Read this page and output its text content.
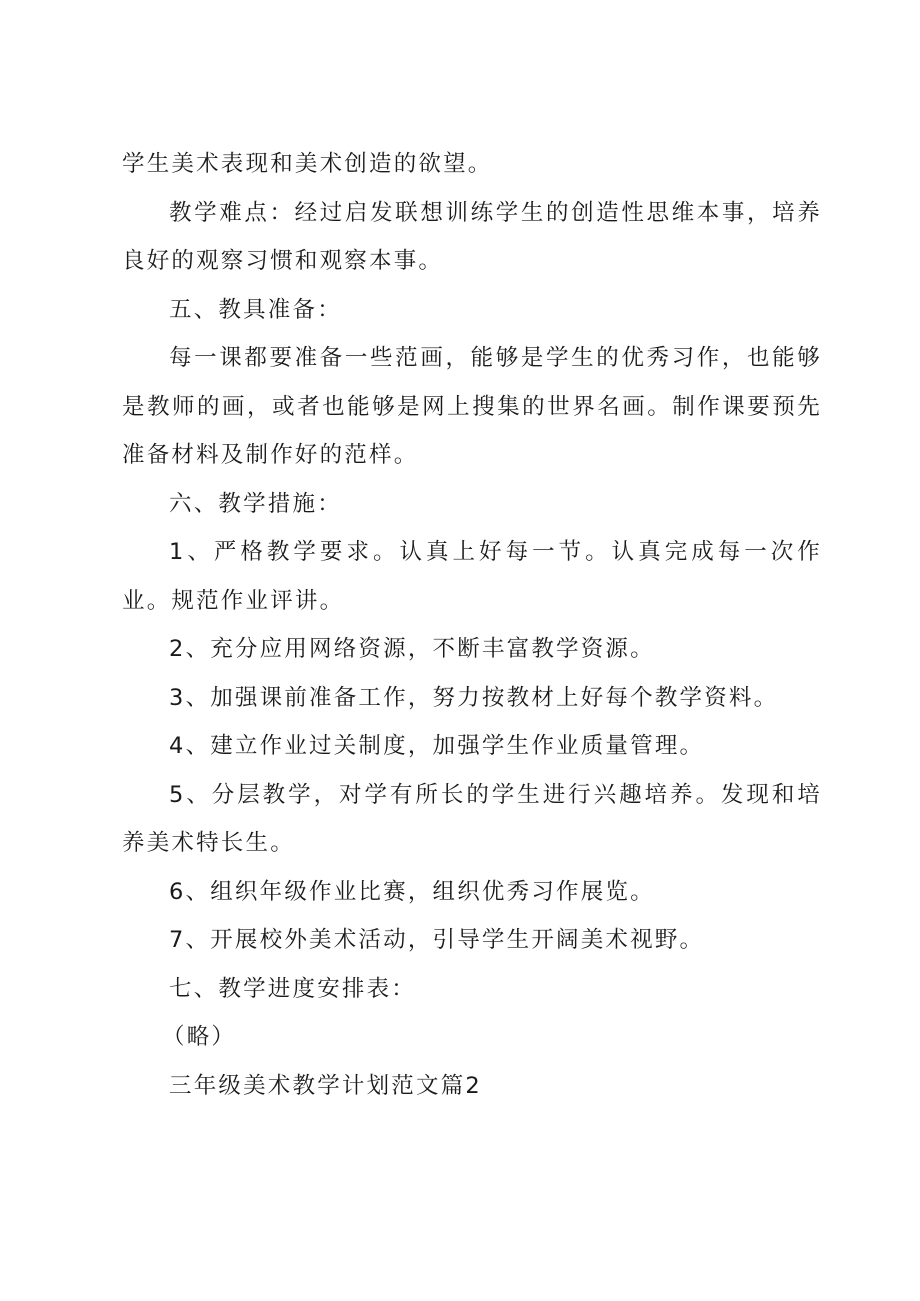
学生美术表现和美术创造的欲望。

教学难点：经过启发联想训练学生的创造性思维本事，培养良好的观察习惯和观察本事。

五、教具准备：

每一课都要准备一些范画，能够是学生的优秀习作，也能够是教师的画，或者也能够是网上搜集的世界名画。制作课要预先准备材料及制作好的范样。

六、教学措施：

1、严格教学要求。认真上好每一节。认真完成每一次作业。规范作业评讲。

2、充分应用网络资源，不断丰富教学资源。

3、加强课前准备工作，努力按教材上好每个教学资料。

4、建立作业过关制度，加强学生作业质量管理。

5、分层教学，对学有所长的学生进行兴趣培养。发现和培养美术特长生。

6、组织年级作业比赛，组织优秀习作展览。

7、开展校外美术活动，引导学生开阔美术视野。

七、教学进度安排表：

（略）

三年级美术教学计划范文篇2
